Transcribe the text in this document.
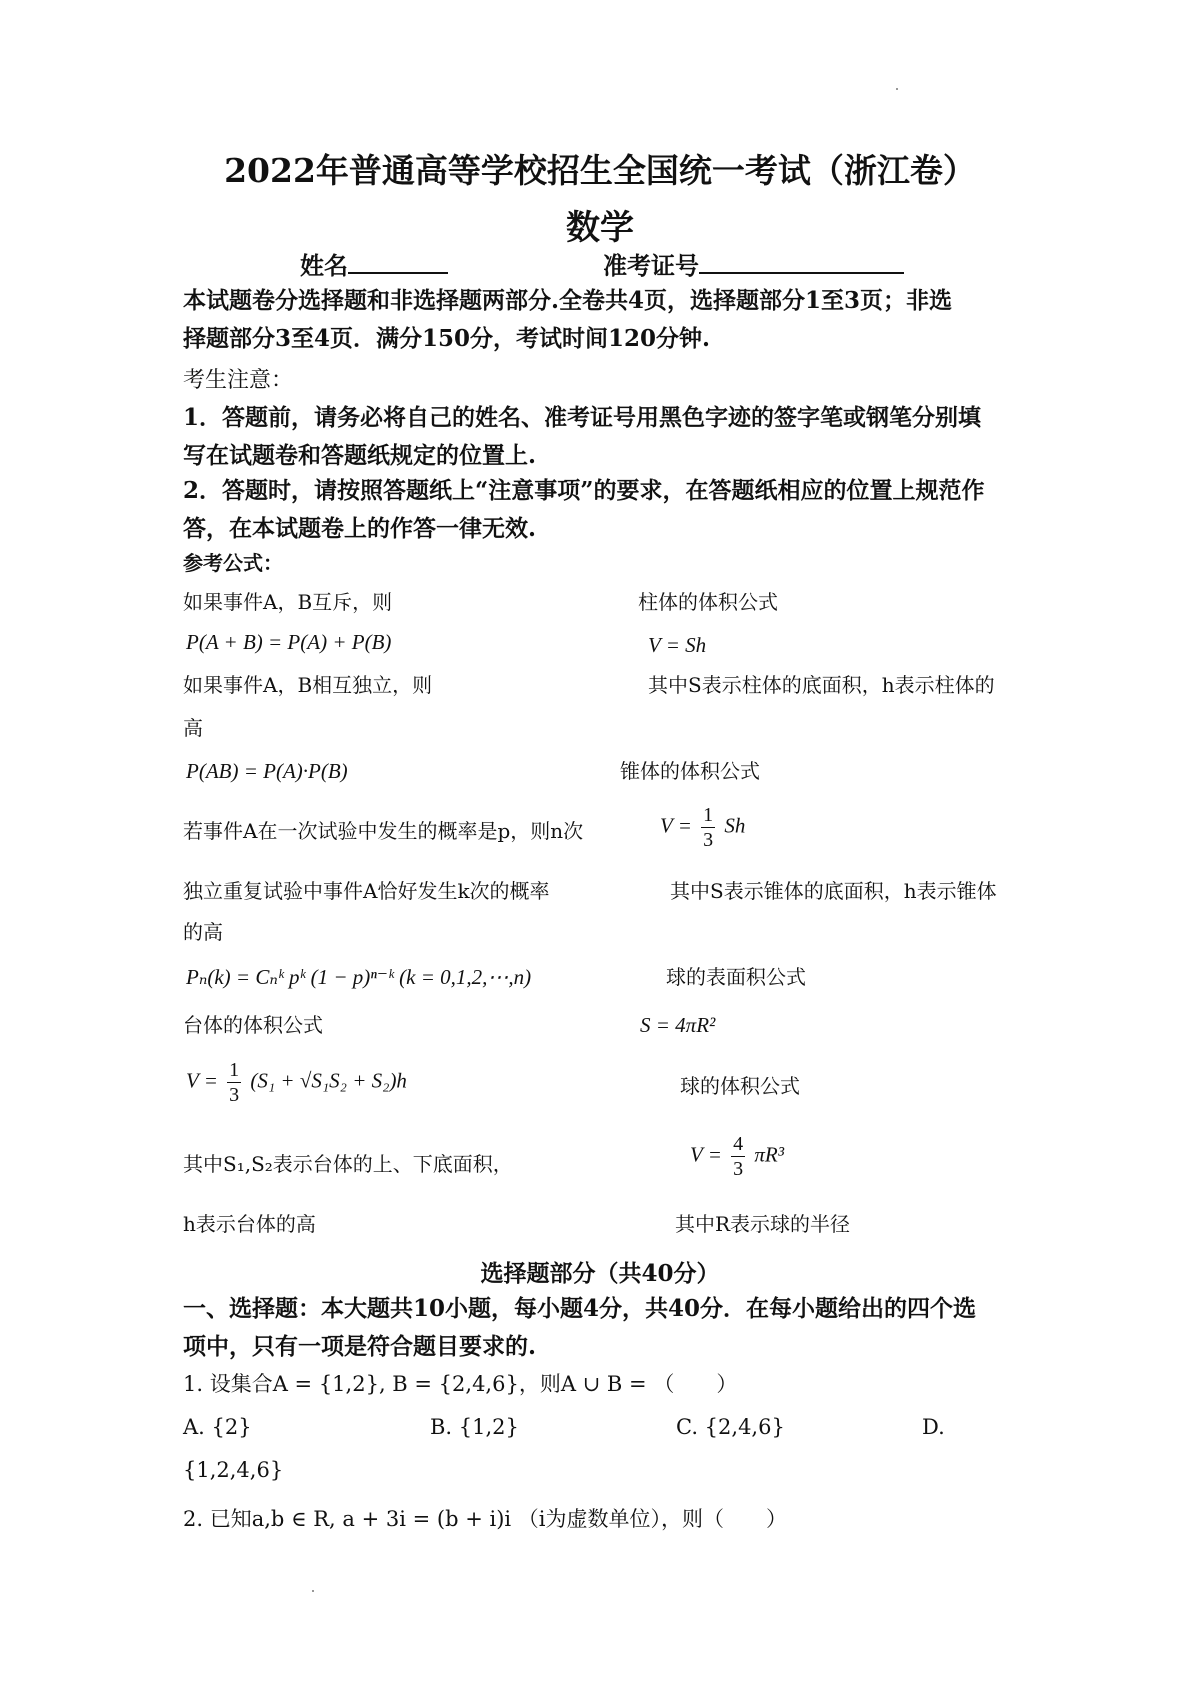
2022年普通高等学校招生全国统一考试（浙江卷）
数学
姓名	准考证号
本试题卷分选择题和非选择题两部分.全卷共4页，选择题部分1至3页；非选
择题部分3至4页．满分150分，考试时间120分钟.
考生注意：
1．答题前，请务必将自己的姓名、准考证号用黑色字迹的签字笔或钢笔分别填
写在试题卷和答题纸规定的位置上.
2．答题时，请按照答题纸上“注意事项”的要求，在答题纸相应的位置上规范作
答，在本试题卷上的作答一律无效.
参考公式：
如果事件A，B互斥，则
P(A + B) = P(A) + P(B)
如果事件A，B相互独立，则
高
P(AB) = P(A)·P(B)
若事件A在一次试验中发生的概率是p，则n次
独立重复试验中事件A恰好发生k次的概率
的高
Pₙ(k) = Cₙᵏ pᵏ (1 − p)ⁿ⁻ᵏ (k = 0,1,2,⋯,n)
台体的体积公式
$V = \frac{1}{3} (S_1 + √S_1S_2 + S_2)h$
其中S₁,S₂表示台体的上、下底面积，
h表示台体的高
柱体的体积公式
V = Sh
其中S表示柱体的底面积，h表示柱体的
锥体的体积公式
$V = \frac{1}{3}$ Sh
其中S表示锥体的底面积，h表示锥体
球的表面积公式
S = 4πR²
球的体积公式
$V = \frac{4}{3} \pi R^3$
其中R表示球的半径
选择题部分（共40分）
一、选择题：本大题共10小题，每小题4分，共40分．在每小题给出的四个选
项中，只有一项是符合题目要求的.
1. 设集合A = {1,2}, B = {2,4,6}，则A ∪ B = （　　）
A. {2}	B. {1,2}	C. {2,4,6}	D.
{1,2,4,6}
2. 已知a,b ∈ R, a + 3i = (b + i)i （i为虚数单位），则（　　）
